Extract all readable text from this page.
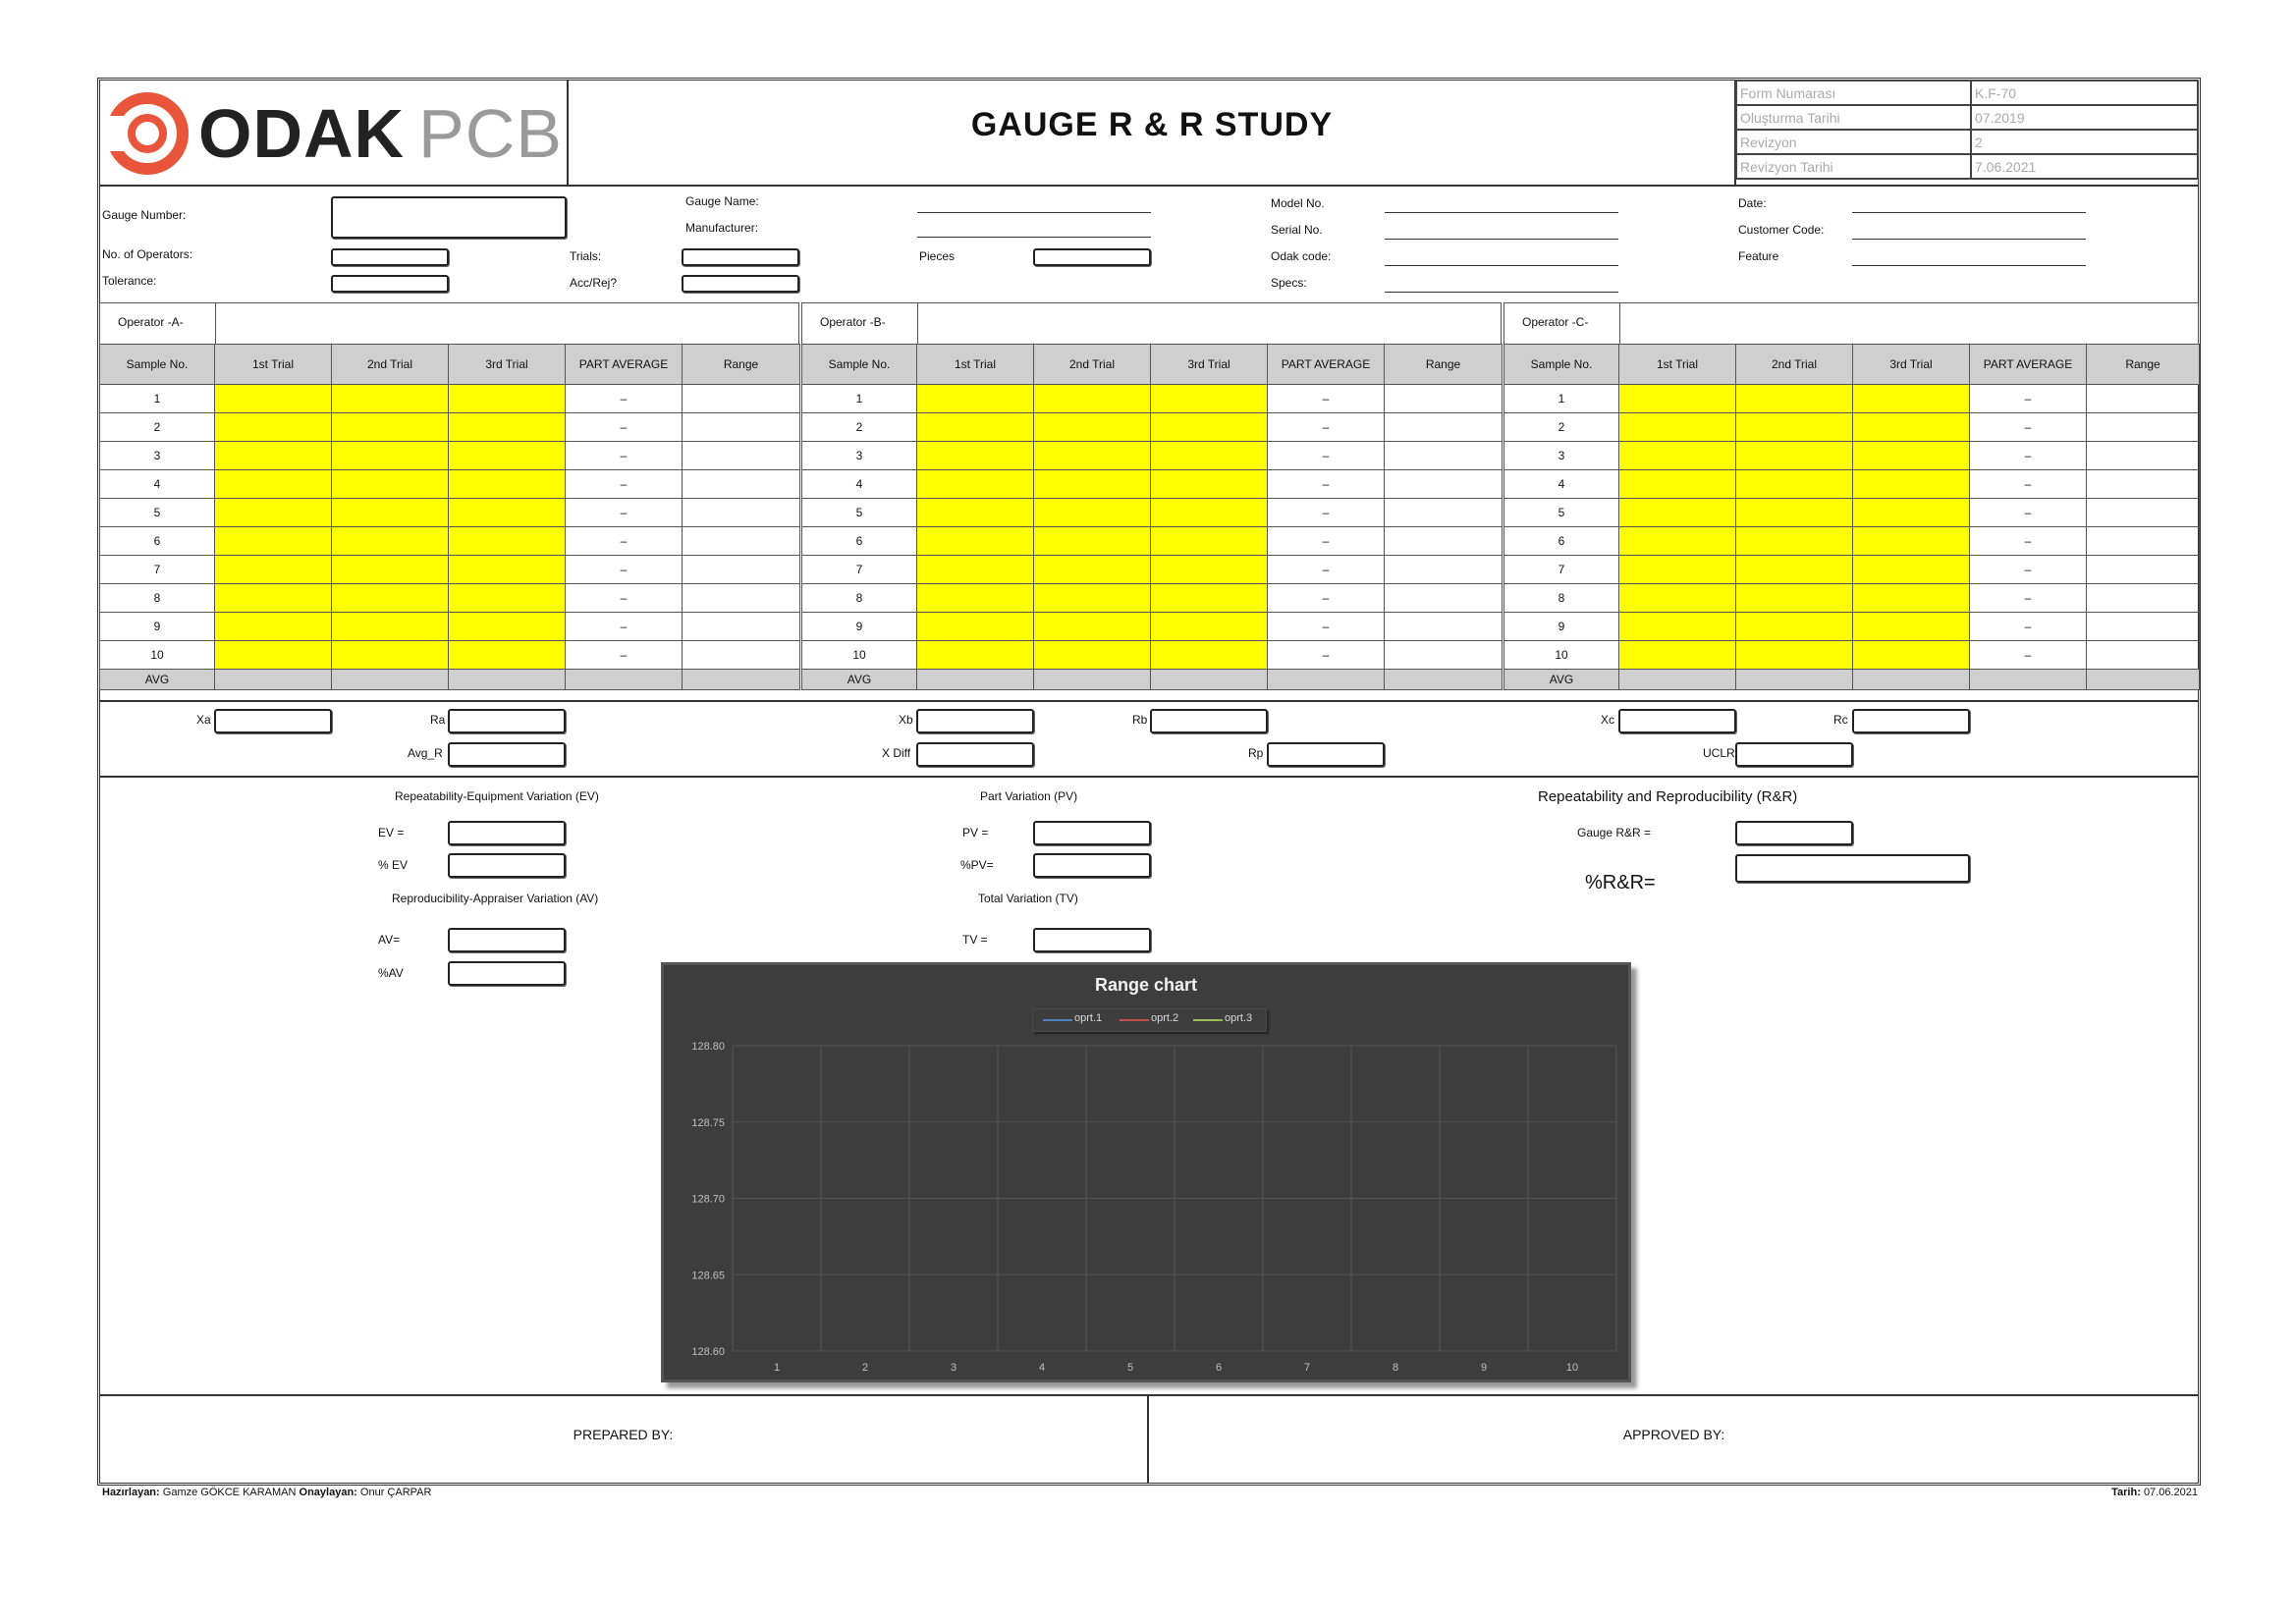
ODAK PCB	GAUGE R & R STUDY
Form Numarası	K.F-70
Oluşturma Tarihi	07.2019
Revizyon	2
Revizyon Tarihi	7.06.2021
Gauge Number:
No. of Operators:
Tolerance:
Gauge Name:
Manufacturer:
Trials:
Acc/Rej?
Pieces
Model No.
Serial No.
Odak code:
Specs:
Date:
Customer Code:
Feature
Operator -A-
Sample No.	1st Trial	2nd Trial	3rd Trial	PART AVERAGE	Range
1				–	
2				–	
3				–	
4				–	
5				–	
6				–	
7				–	
8				–	
9				–	
10				–	
AVG					
Operator -B-
Sample No.	1st Trial	2nd Trial	3rd Trial	PART AVERAGE	Range
1				–	
2				–	
3				–	
4				–	
5				–	
6				–	
7				–	
8				–	
9				–	
10				–	
AVG					
Operator -C-
Sample No.	1st Trial	2nd Trial	3rd Trial	PART AVERAGE	Range
1				–	
2				–	
3				–	
4				–	
5				–	
6				–	
7				–	
8				–	
9				–	
10				–	
AVG					
Xa	Ra
Avg_R
Xb	Rb
X Diff	Rp
Xc	Rc
UCLR
Repeatability-Equipment Variation (EV)
EV =
% EV
Reproducibility-Appraiser Variation (AV)
AV=
%AV
Part Variation (PV)
PV =
%PV=
Total Variation (TV)
TV =
Repeatability and Reproducibility (R&R)
Gauge R&R =
%R&R=
Range chart
oprt.1	oprt.2	oprt.3
128.80
128.75
128.70
128.65
128.60
1	2	3	4	5	6	7	8	9	10
PREPARED BY:	APPROVED BY:
Hazırlayan: Gamze GÖKCE KARAMAN Onaylayan: Onur ÇARPAR	Tarih: 07.06.2021
